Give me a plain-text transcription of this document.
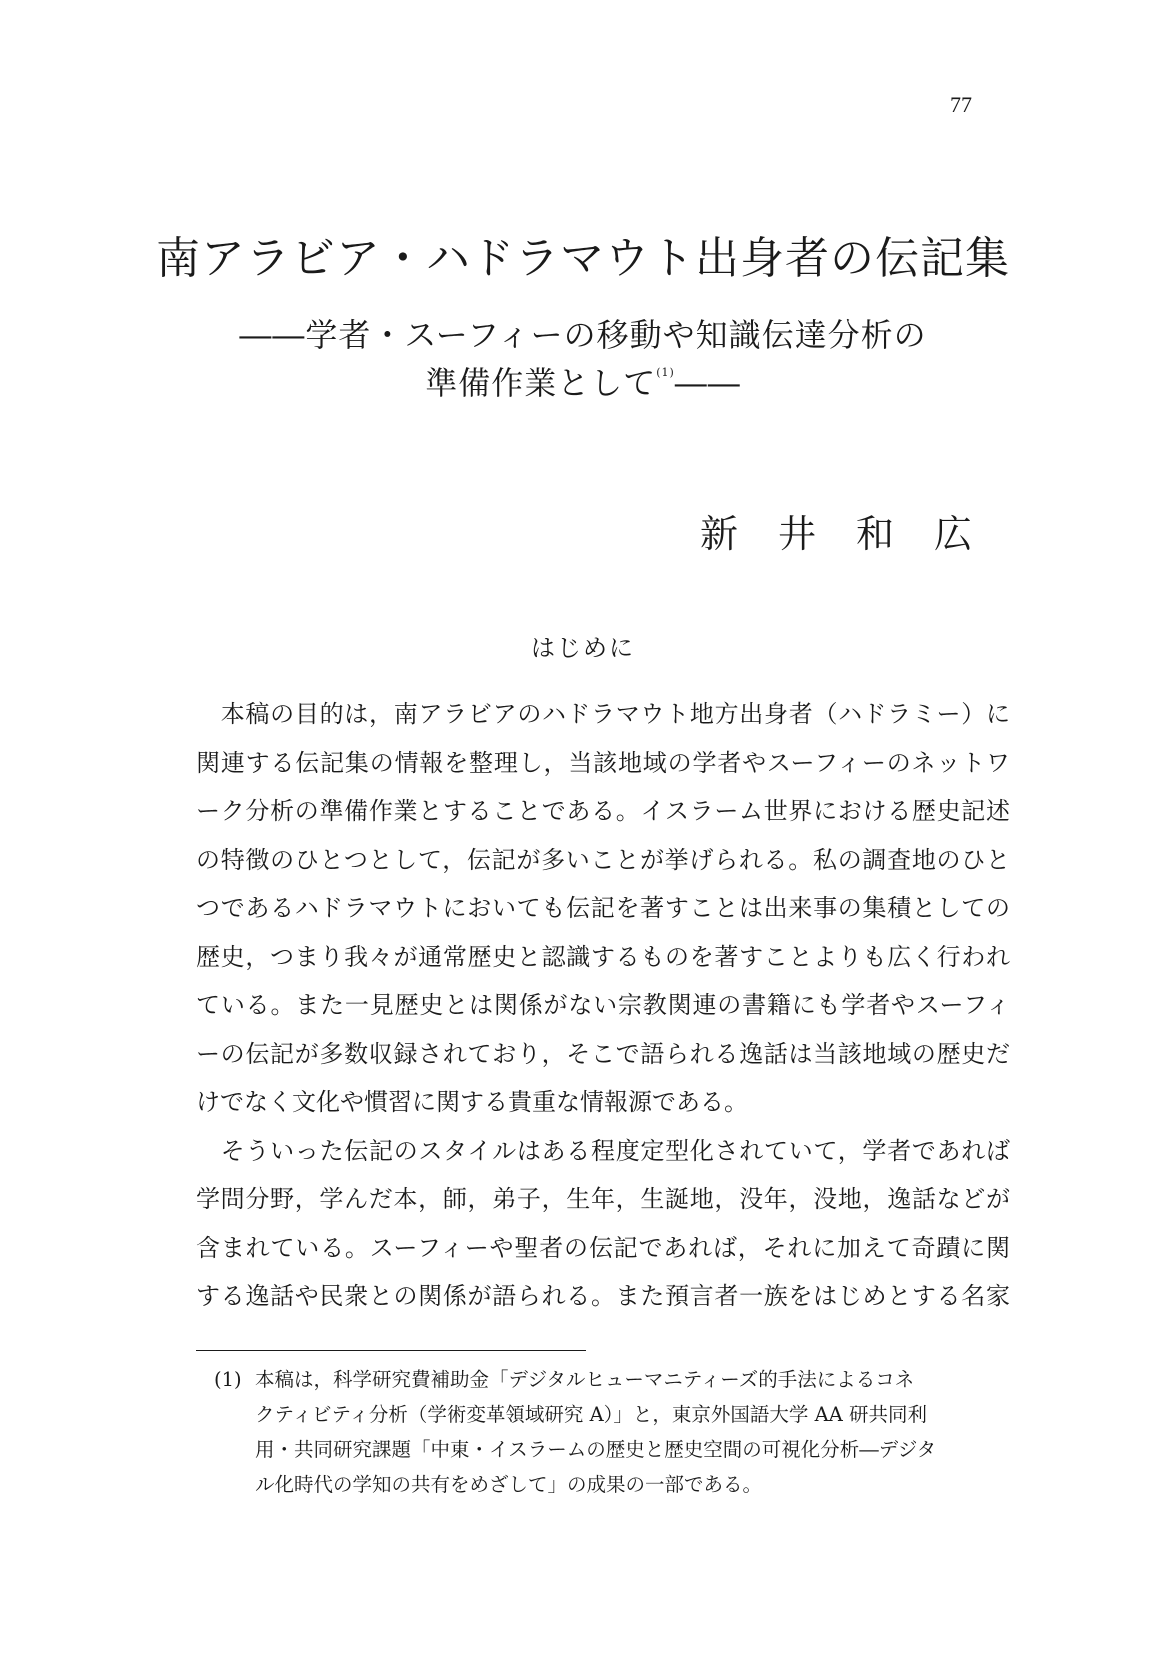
77
南アラビア・ハドラマウト出身者の伝記集
――学者・スーフィーの移動や知識伝達分析の
準備作業として$^{(1)}$――
新井和広
はじめに
　本稿の目的は，南アラビアのハドラマウト地方出身者（ハドラミー）に
関連する伝記集の情報を整理し，当該地域の学者やスーフィーのネットワ
ーク分析の準備作業とすることである。イスラーム世界における歴史記述
の特徴のひとつとして，伝記が多いことが挙げられる。私の調査地のひと
つであるハドラマウトにおいても伝記を著すことは出来事の集積としての
歴史，つまり我々が通常歴史と認識するものを著すことよりも広く行われ
ている。また一見歴史とは関係がない宗教関連の書籍にも学者やスーフィ
ーの伝記が多数収録されており，そこで語られる逸話は当該地域の歴史だ
けでなく文化や慣習に関する貴重な情報源である。
　そういった伝記のスタイルはある程度定型化されていて，学者であれば
学問分野，学んだ本，師，弟子，生年，生誕地，没年，没地，逸話などが
含まれている。スーフィーや聖者の伝記であれば，それに加えて奇蹟に関
する逸話や民衆との関係が語られる。また預言者一族をはじめとする名家
(1) 本稿は，科学研究費補助金「デジタルヒューマニティーズ的手法によるコネ
クティビティ分析（学術変革領域研究 A）」と，東京外国語大学 AA 研共同利
用・共同研究課題「中東・イスラームの歴史と歴史空間の可視化分析―デジタ
ル化時代の学知の共有をめざして」の成果の一部である。
